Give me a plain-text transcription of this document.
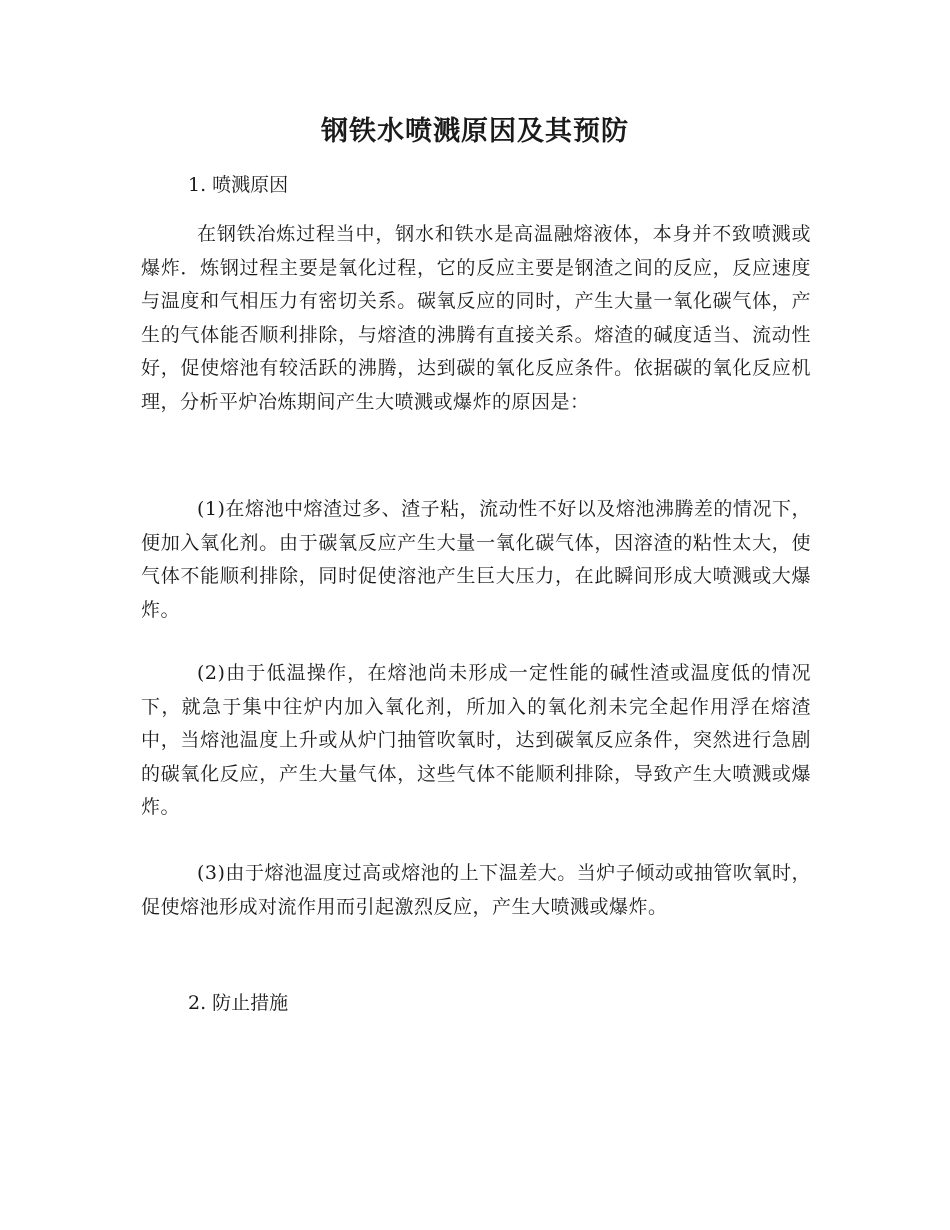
钢铁水喷溅原因及其预防

1. 喷溅原因

在钢铁冶炼过程当中，钢水和铁水是高温融熔液体，本身并不致喷溅或爆炸．炼钢过程主要是氧化过程，它的反应主要是钢渣之间的反应，反应速度与温度和气相压力有密切关系。碳氧反应的同时，产生大量一氧化碳气体，产生的气体能否顺利排除，与熔渣的沸腾有直接关系。熔渣的碱度适当、流动性好，促使熔池有较活跃的沸腾，达到碳的氧化反应条件。依据碳的氧化反应机理，分析平炉冶炼期间产生大喷溅或爆炸的原因是：

(1)在熔池中熔渣过多、渣子粘，流动性不好以及熔池沸腾差的情况下，便加入氧化剂。由于碳氧反应产生大量一氧化碳气体，因溶渣的粘性太大，使气体不能顺利排除，同时促使溶池产生巨大压力，在此瞬间形成大喷溅或大爆炸。

(2)由于低温操作，在熔池尚未形成一定性能的碱性渣或温度低的情况下，就急于集中往炉内加入氧化剂，所加入的氧化剂未完全起作用浮在熔渣中，当熔池温度上升或从炉门抽管吹氧时，达到碳氧反应条件，突然进行急剧的碳氧化反应，产生大量气体，这些气体不能顺利排除，导致产生大喷溅或爆炸。

(3)由于熔池温度过高或熔池的上下温差大。当炉子倾动或抽管吹氧时，促使熔池形成对流作用而引起激烈反应，产生大喷溅或爆炸。

2. 防止措施
